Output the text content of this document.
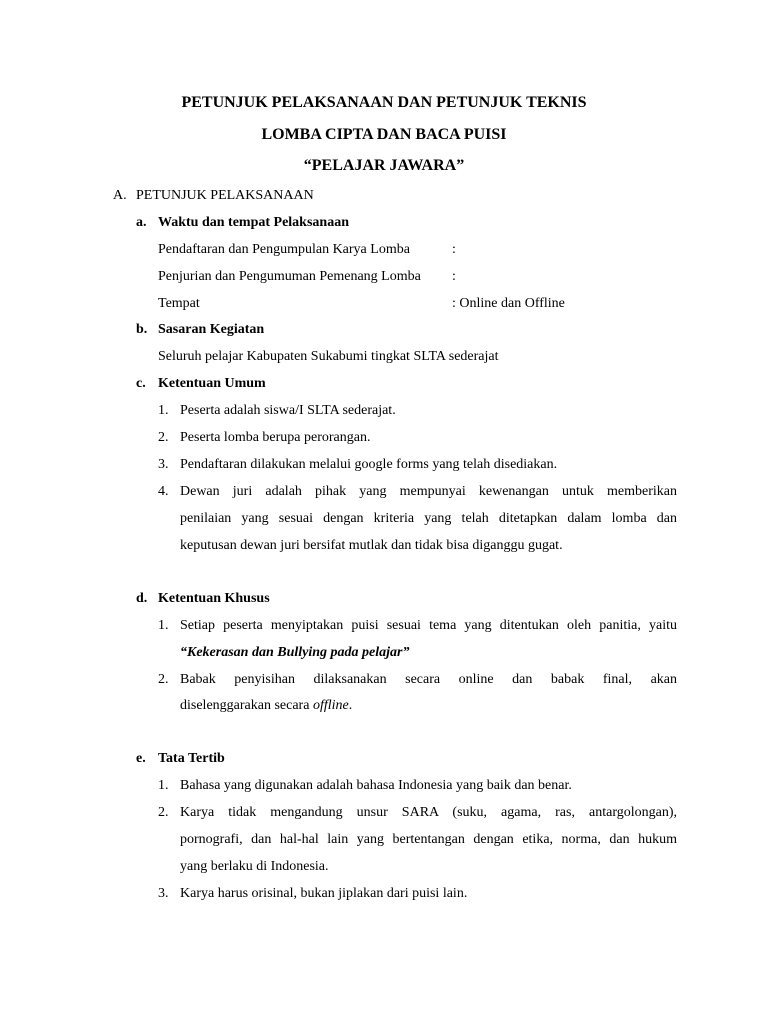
PETUNJUK PELAKSANAAN DAN PETUNJUK TEKNIS
LOMBA CIPTA DAN BACA PUISI
“PELAJAR JAWARA”
A. PETUNJUK PELAKSANAAN
a. Waktu dan tempat Pelaksanaan
Pendaftaran dan Pengumpulan Karya Lomba	:
Penjurian dan Pengumuman Pemenang Lomba :
Tempat	: Online dan Offline
b. Sasaran Kegiatan
Seluruh pelajar Kabupaten Sukabumi tingkat SLTA sederajat
c. Ketentuan Umum
1. Peserta adalah siswa/I SLTA sederajat.
2. Peserta lomba berupa perorangan.
3. Pendaftaran dilakukan melalui google forms yang telah disediakan.
4. Dewan juri adalah pihak yang mempunyai kewenangan untuk memberikan
penilaian yang sesuai dengan kriteria yang telah ditetapkan dalam lomba dan
keputusan dewan juri bersifat mutlak dan tidak bisa diganggu gugat.
d. Ketentuan Khusus
1. Setiap peserta menyiptakan puisi sesuai tema yang ditentukan oleh panitia, yaitu
“Kekerasan dan Bullying pada pelajar”
2. Babak penyisihan dilaksanakan secara online dan babak final, akan
diselenggarakan secara offline.
e. Tata Tertib
1. Bahasa yang digunakan adalah bahasa Indonesia yang baik dan benar.
2. Karya tidak mengandung unsur SARA (suku, agama, ras, antargolongan),
pornografi, dan hal-hal lain yang bertentangan dengan etika, norma, dan hukum
yang berlaku di Indonesia.
3. Karya harus orisinal, bukan jiplakan dari puisi lain.
